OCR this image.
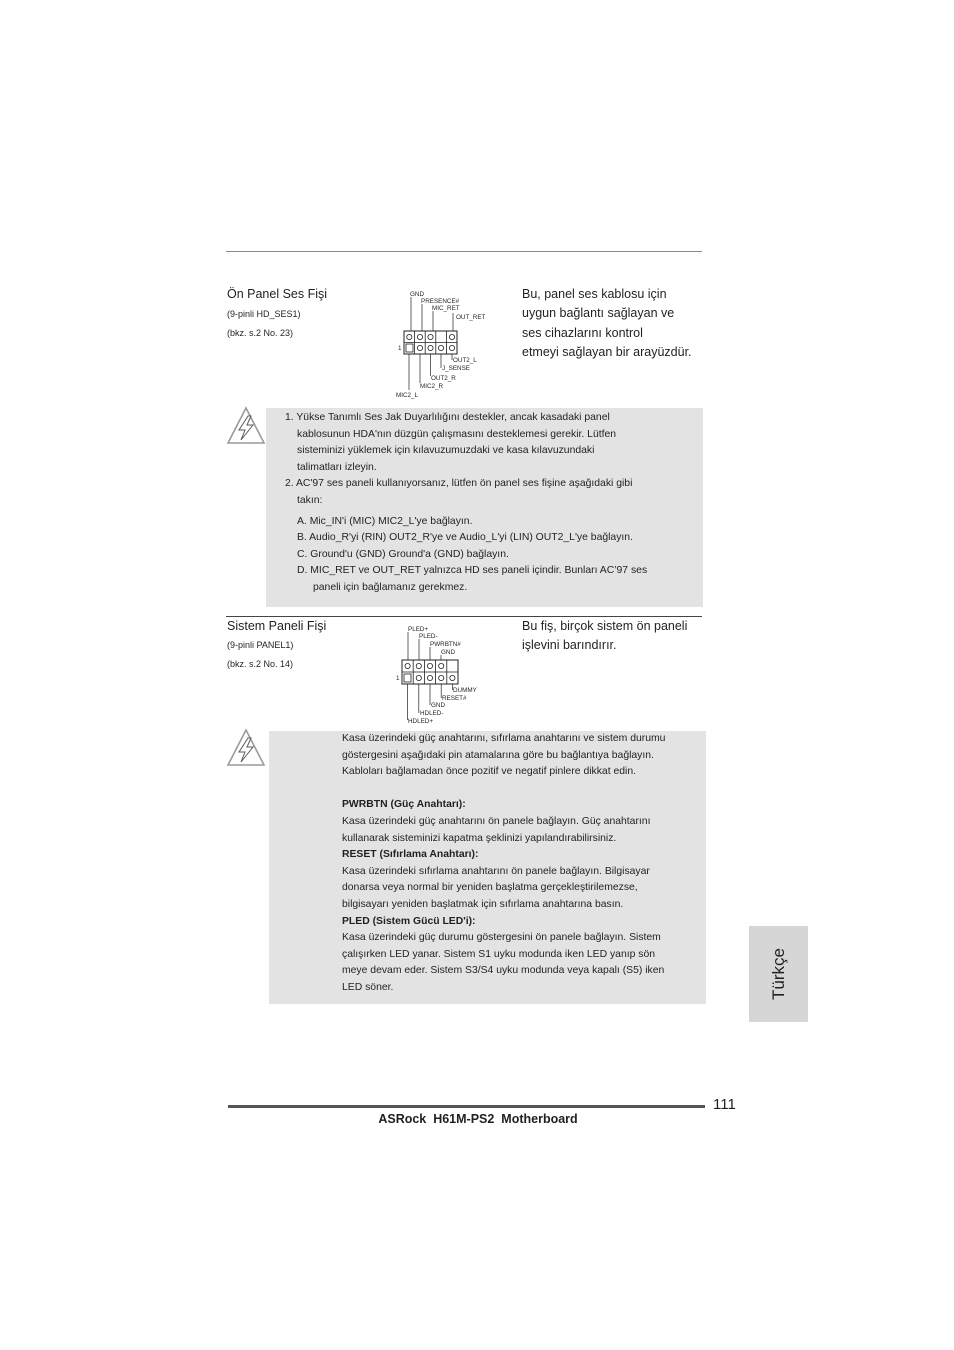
Ön Panel Ses Fişi
(9-pinli HD_SES1)
(bkz. s.2 No. 23)
GND
PRESENCE#
MIC_RET
OUT_RET
1
OUT2_L
J_SENSE
OUT2_R
MIC2_R
MIC2_L
Bu, panel ses kablosu için
uygun bağlantı sağlayan ve
ses cihazlarını kontrol
etmeyi sağlayan bir arayüzdür.

1. Yükse Tanımlı Ses Jak Duyarlılığını destekler, ancak kasadaki panel

kablosunun HDA'nın düzgün çalışmasını desteklemesi gerekir. Lütfen

sisteminizi yüklemek için kılavuzumuzdaki ve kasa kılavuzundaki

talimatları izleyin.

2. AC'97 ses paneli kullanıyorsanız, lütfen ön panel ses fişine aşağıdaki gibi

takın:

A. Mic_IN'i (MIC) MIC2_L'ye bağlayın.

B. Audio_R'yi (RIN) OUT2_R'ye ve Audio_L'yi (LIN) OUT2_L'ye bağlayın.

C. Ground'u (GND) Ground'a (GND) bağlayın.

D. MIC_RET ve OUT_RET yalnızca HD ses paneli içindir. Bunları AC’97 ses

paneli için bağlamanız gerekmez.

Sistem Paneli Fişi
(9-pinli PANEL1)
(bkz. s.2 No. 14)
PLED+
PLED-
PWRBTN#
GND
1
DUMMY
RESET#
GND
HDLED-
HDLED+
Bu fiş, birçok sistem ön paneli
işlevini barındırır.

Kasa üzerindeki güç anahtarını, sıfırlama anahtarını ve sistem durumu

göstergesini aşağıdaki pin atamalarına göre bu bağlantıya bağlayın.

Kabloları bağlamadan önce pozitif ve negatif pinlere dikkat edin.

PWRBTN (Güç Anahtarı):

Kasa üzerindeki güç anahtarını ön panele bağlayın. Güç anahtarını

kullanarak sisteminizi kapatma şeklinizi yapılandırabilirsiniz.

RESET (Sıfırlama Anahtarı):

Kasa üzerindeki sıfırlama anahtarını ön panele bağlayın. Bilgisayar

donarsa veya normal bir yeniden başlatma gerçekleştirilemezse,

bilgisayarı yeniden başlatmak için sıfırlama anahtarına basın.

PLED (Sistem Gücü LED'i):

Kasa üzerindeki güç durumu göstergesini ön panele bağlayın. Sistem

çalışırken LED yanar. Sistem S1 uyku modunda iken LED yanıp sön

meye devam eder. Sistem S3/S4 uyku modunda veya kapalı (S5) iken

LED söner.	Türkçe
111
ASRock  H61M-PS2  Motherboard
